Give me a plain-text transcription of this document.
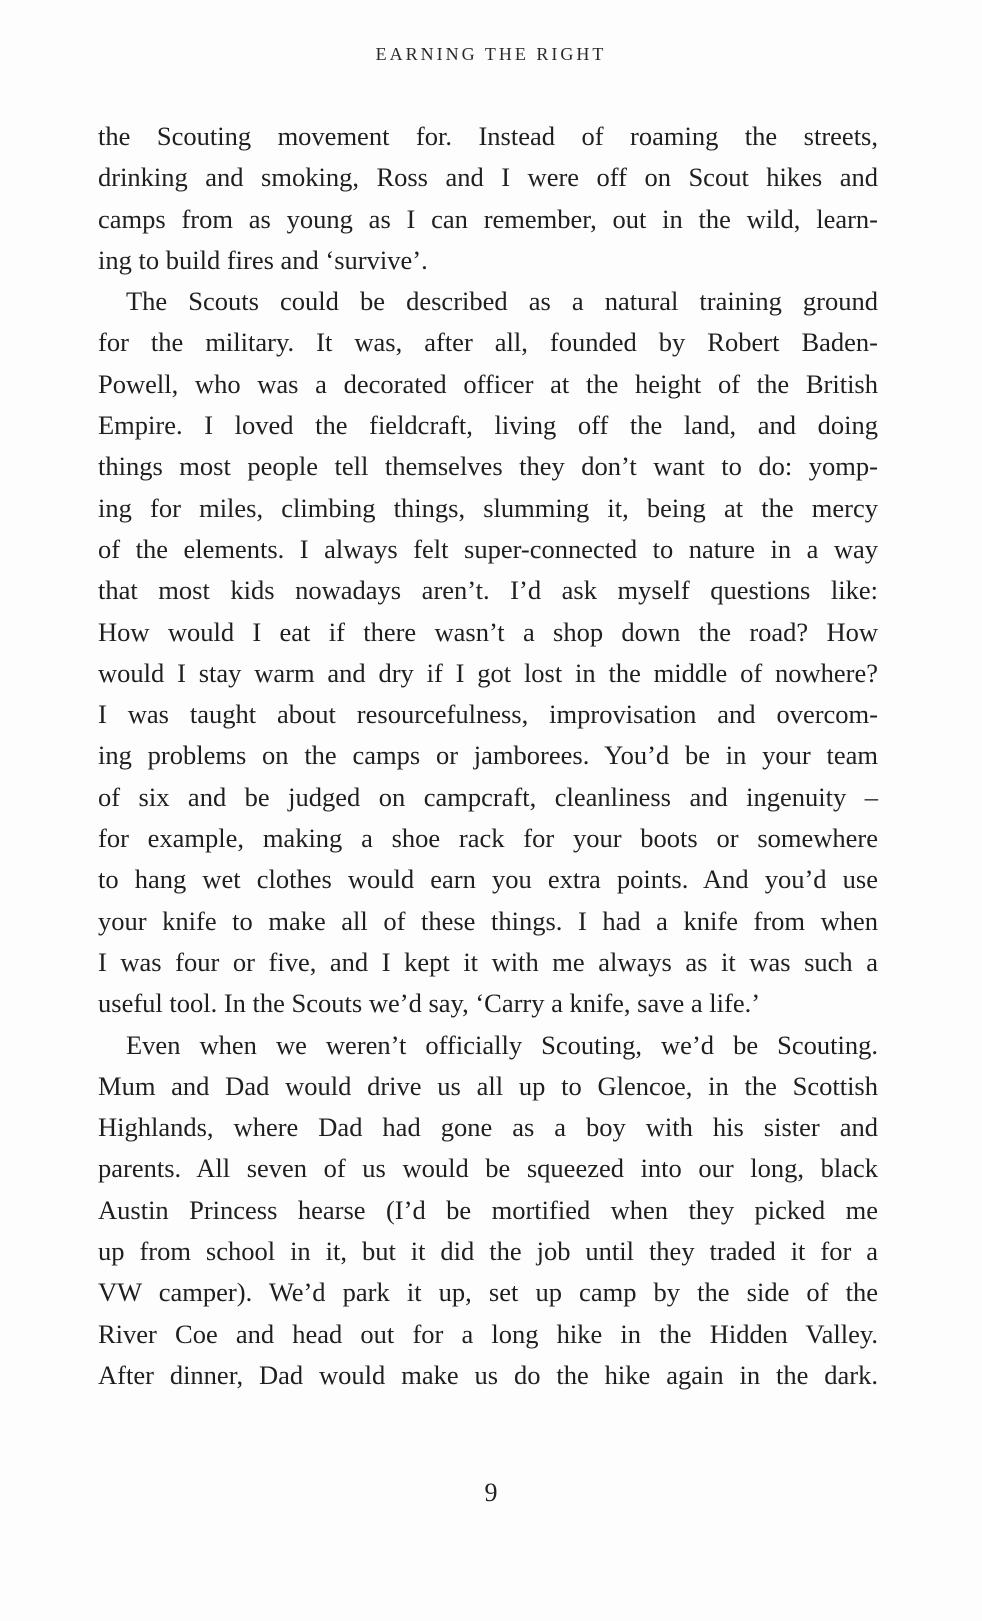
EARNING THE RIGHT
the Scouting movement for. Instead of roaming the streets,
drinking and smoking, Ross and I were off on Scout hikes and
camps from as young as I can remember, out in the wild, learn-
ing to build fires and ‘survive’.
The Scouts could be described as a natural training ground
for the military. It was, after all, founded by Robert Baden-
Powell, who was a decorated officer at the height of the British
Empire. I loved the fieldcraft, living off the land, and doing
things most people tell themselves they don’t want to do: yomp-
ing for miles, climbing things, slumming it, being at the mercy
of the elements. I always felt super-connected to nature in a way
that most kids nowadays aren’t. I’d ask myself questions like:
How would I eat if there wasn’t a shop down the road? How
would I stay warm and dry if I got lost in the middle of nowhere?
I was taught about resourcefulness, improvisation and overcom-
ing problems on the camps or jamborees. You’d be in your team
of six and be judged on campcraft, cleanliness and ingenuity –
for example, making a shoe rack for your boots or somewhere
to hang wet clothes would earn you extra points. And you’d use
your knife to make all of these things. I had a knife from when
I was four or five, and I kept it with me always as it was such a
useful tool. In the Scouts we’d say, ‘Carry a knife, save a life.’
Even when we weren’t officially Scouting, we’d be Scouting.
Mum and Dad would drive us all up to Glencoe, in the Scottish
Highlands, where Dad had gone as a boy with his sister and
parents. All seven of us would be squeezed into our long, black
Austin Princess hearse (I’d be mortified when they picked me
up from school in it, but it did the job until they traded it for a
VW camper). We’d park it up, set up camp by the side of the
River Coe and head out for a long hike in the Hidden Valley.
After dinner, Dad would make us do the hike again in the dark.
9
